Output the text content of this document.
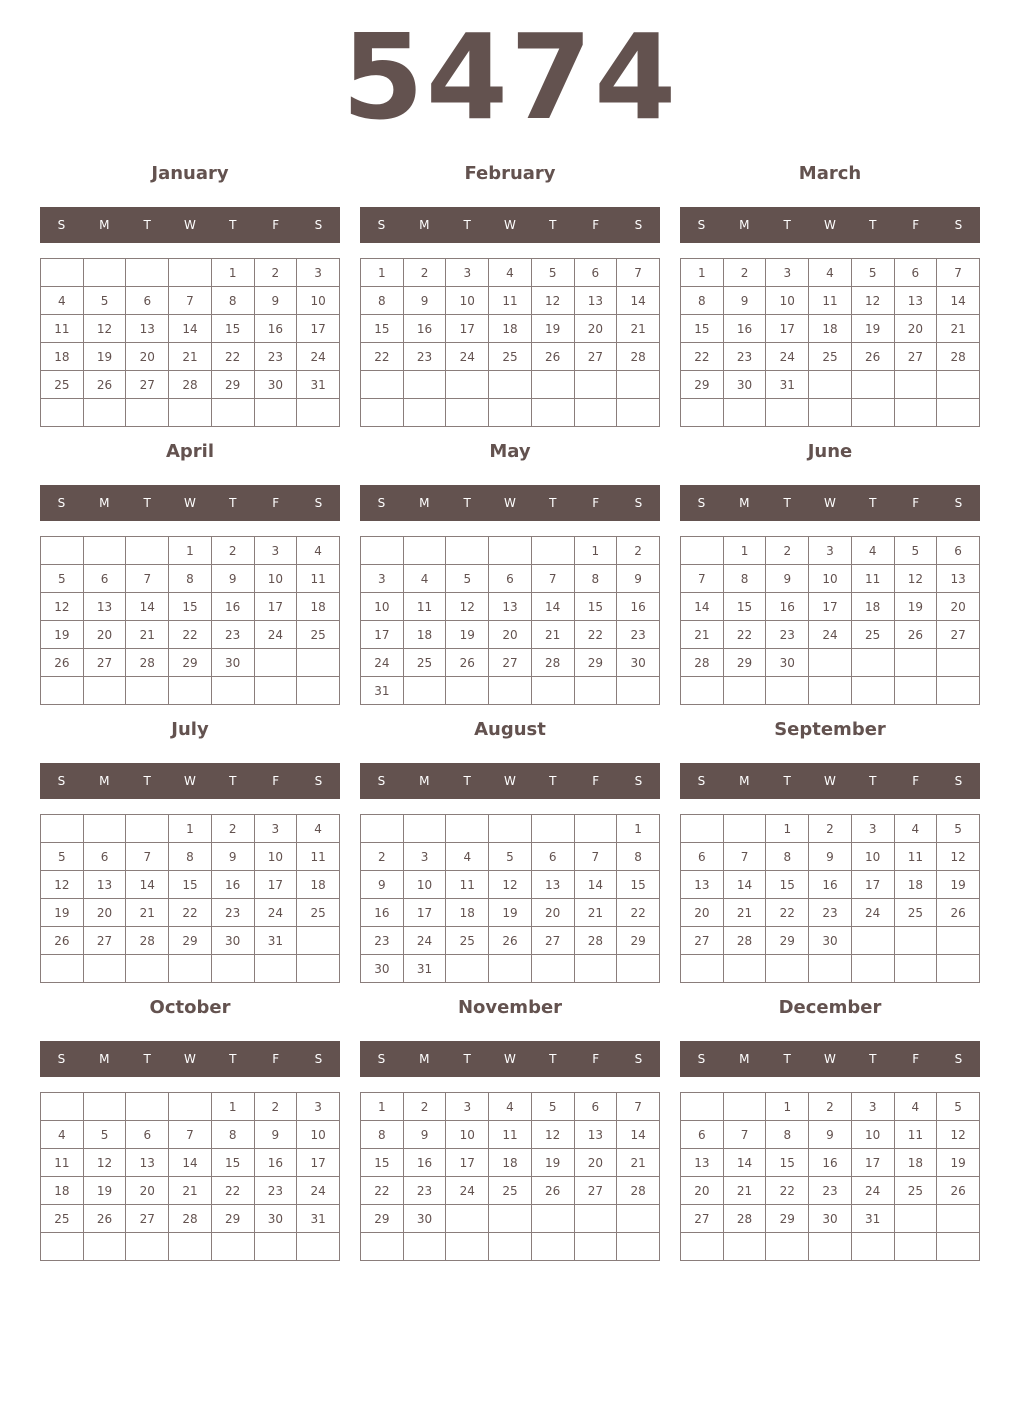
5474
January
S	M	T	W	T	F	S
				1	2	3
4	5	6	7	8	9	10
11	12	13	14	15	16	17
18	19	20	21	22	23	24
25	26	27	28	29	30	31

February
S	M	T	W	T	F	S
1	2	3	4	5	6	7
8	9	10	11	12	13	14
15	16	17	18	19	20	21
22	23	24	25	26	27	28

March
S	M	T	W	T	F	S
1	2	3	4	5	6	7
8	9	10	11	12	13	14
15	16	17	18	19	20	21
22	23	24	25	26	27	28
29	30	31				

April
S	M	T	W	T	F	S
			1	2	3	4
5	6	7	8	9	10	11
12	13	14	15	16	17	18
19	20	21	22	23	24	25
26	27	28	29	30		

May
S	M	T	W	T	F	S
					1	2
3	4	5	6	7	8	9
10	11	12	13	14	15	16
17	18	19	20	21	22	23
24	25	26	27	28	29	30
31						
June
S	M	T	W	T	F	S
	1	2	3	4	5	6
7	8	9	10	11	12	13
14	15	16	17	18	19	20
21	22	23	24	25	26	27
28	29	30				

July
S	M	T	W	T	F	S
			1	2	3	4
5	6	7	8	9	10	11
12	13	14	15	16	17	18
19	20	21	22	23	24	25
26	27	28	29	30	31	

August
S	M	T	W	T	F	S
						1
2	3	4	5	6	7	8
9	10	11	12	13	14	15
16	17	18	19	20	21	22
23	24	25	26	27	28	29
30	31					
September
S	M	T	W	T	F	S
		1	2	3	4	5
6	7	8	9	10	11	12
13	14	15	16	17	18	19
20	21	22	23	24	25	26
27	28	29	30			

October
S	M	T	W	T	F	S
				1	2	3
4	5	6	7	8	9	10
11	12	13	14	15	16	17
18	19	20	21	22	23	24
25	26	27	28	29	30	31

November
S	M	T	W	T	F	S
1	2	3	4	5	6	7
8	9	10	11	12	13	14
15	16	17	18	19	20	21
22	23	24	25	26	27	28
29	30					

December
S	M	T	W	T	F	S
		1	2	3	4	5
6	7	8	9	10	11	12
13	14	15	16	17	18	19
20	21	22	23	24	25	26
27	28	29	30	31		
